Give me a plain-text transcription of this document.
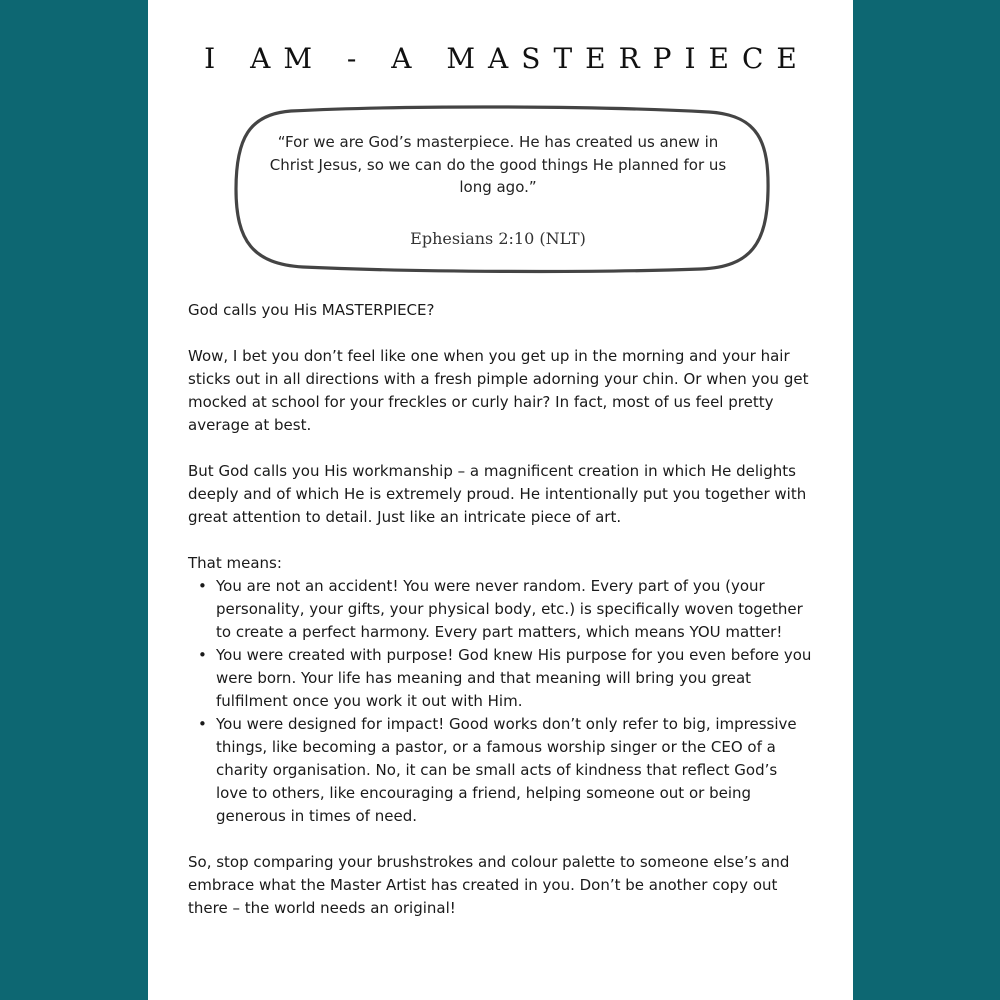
I AM - A MASTERPIECE
“For we are God’s masterpiece. He has created us anew in Christ Jesus, so we can do the good things He planned for us long ago.”
Ephesians 2:10 (NLT)

God calls you His MASTERPIECE?

Wow, I bet you don’t feel like one when you get up in the morning and your hair sticks out in all directions with a fresh pimple adorning your chin. Or when you get mocked at school for your freckles or curly hair? In fact, most of us feel pretty average at best.

But God calls you His workmanship – a magnificent creation in which He delights deeply and of which He is extremely proud. He intentionally put you together with great attention to detail. Just like an intricate piece of art.

That means:

• You are not an accident! You were never random. Every part of you (your personality, your gifts, your physical body, etc.) is specifically woven together to create a perfect harmony. Every part matters, which means YOU matter!
• You were created with purpose! God knew His purpose for you even before you were born. Your life has meaning and that meaning will bring you great fulfilment once you work it out with Him.
• You were designed for impact! Good works don’t only refer to big, impressive things, like becoming a pastor, or a famous worship singer or the CEO of a charity organisation. No, it can be small acts of kindness that reflect God’s love to others, like encouraging a friend, helping someone out or being generous in times of need.

So, stop comparing your brushstrokes and colour palette to someone else’s and embrace what the Master Artist has created in you. Don’t be another copy out there – the world needs an original!
